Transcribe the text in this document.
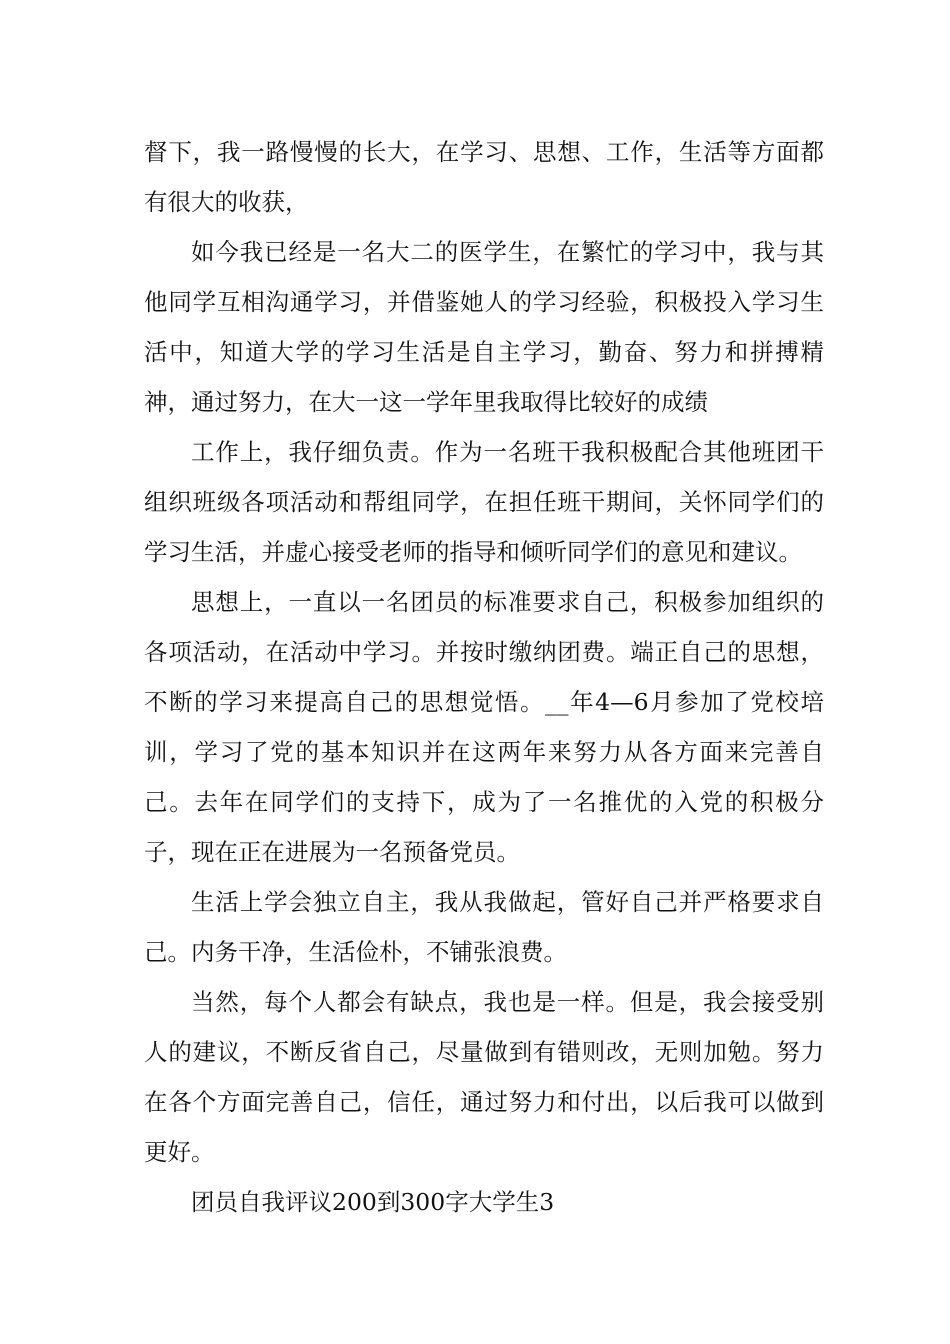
督下，我一路慢慢的长大，在学习、思想、工作，生活等方面都有很大的收获，

如今我已经是一名大二的医学生，在繁忙的学习中，我与其他同学互相沟通学习，并借鉴她人的学习经验，积极投入学习生活中，知道大学的学习生活是自主学习，勤奋、努力和拼搏精神，通过努力，在大一这一学年里我取得比较好的成绩

工作上，我仔细负责。作为一名班干我积极配合其他班团干组织班级各项活动和帮组同学，在担任班干期间，关怀同学们的学习生活，并虚心接受老师的指导和倾听同学们的意见和建议。

思想上，一直以一名团员的标准要求自己，积极参加组织的各项活动，在活动中学习。并按时缴纳团费。端正自己的思想，不断的学习来提高自己的思想觉悟。__年4—6月参加了党校培训，学习了党的基本知识并在这两年来努力从各方面来完善自己。去年在同学们的支持下，成为了一名推优的入党的积极分子，现在正在进展为一名预备党员。

生活上学会独立自主，我从我做起，管好自己并严格要求自己。内务干净，生活俭朴，不铺张浪费。

当然，每个人都会有缺点，我也是一样。但是，我会接受别人的建议，不断反省自己，尽量做到有错则改，无则加勉。努力在各个方面完善自己，信任，通过努力和付出，以后我可以做到更好。

团员自我评议200到300字大学生3
